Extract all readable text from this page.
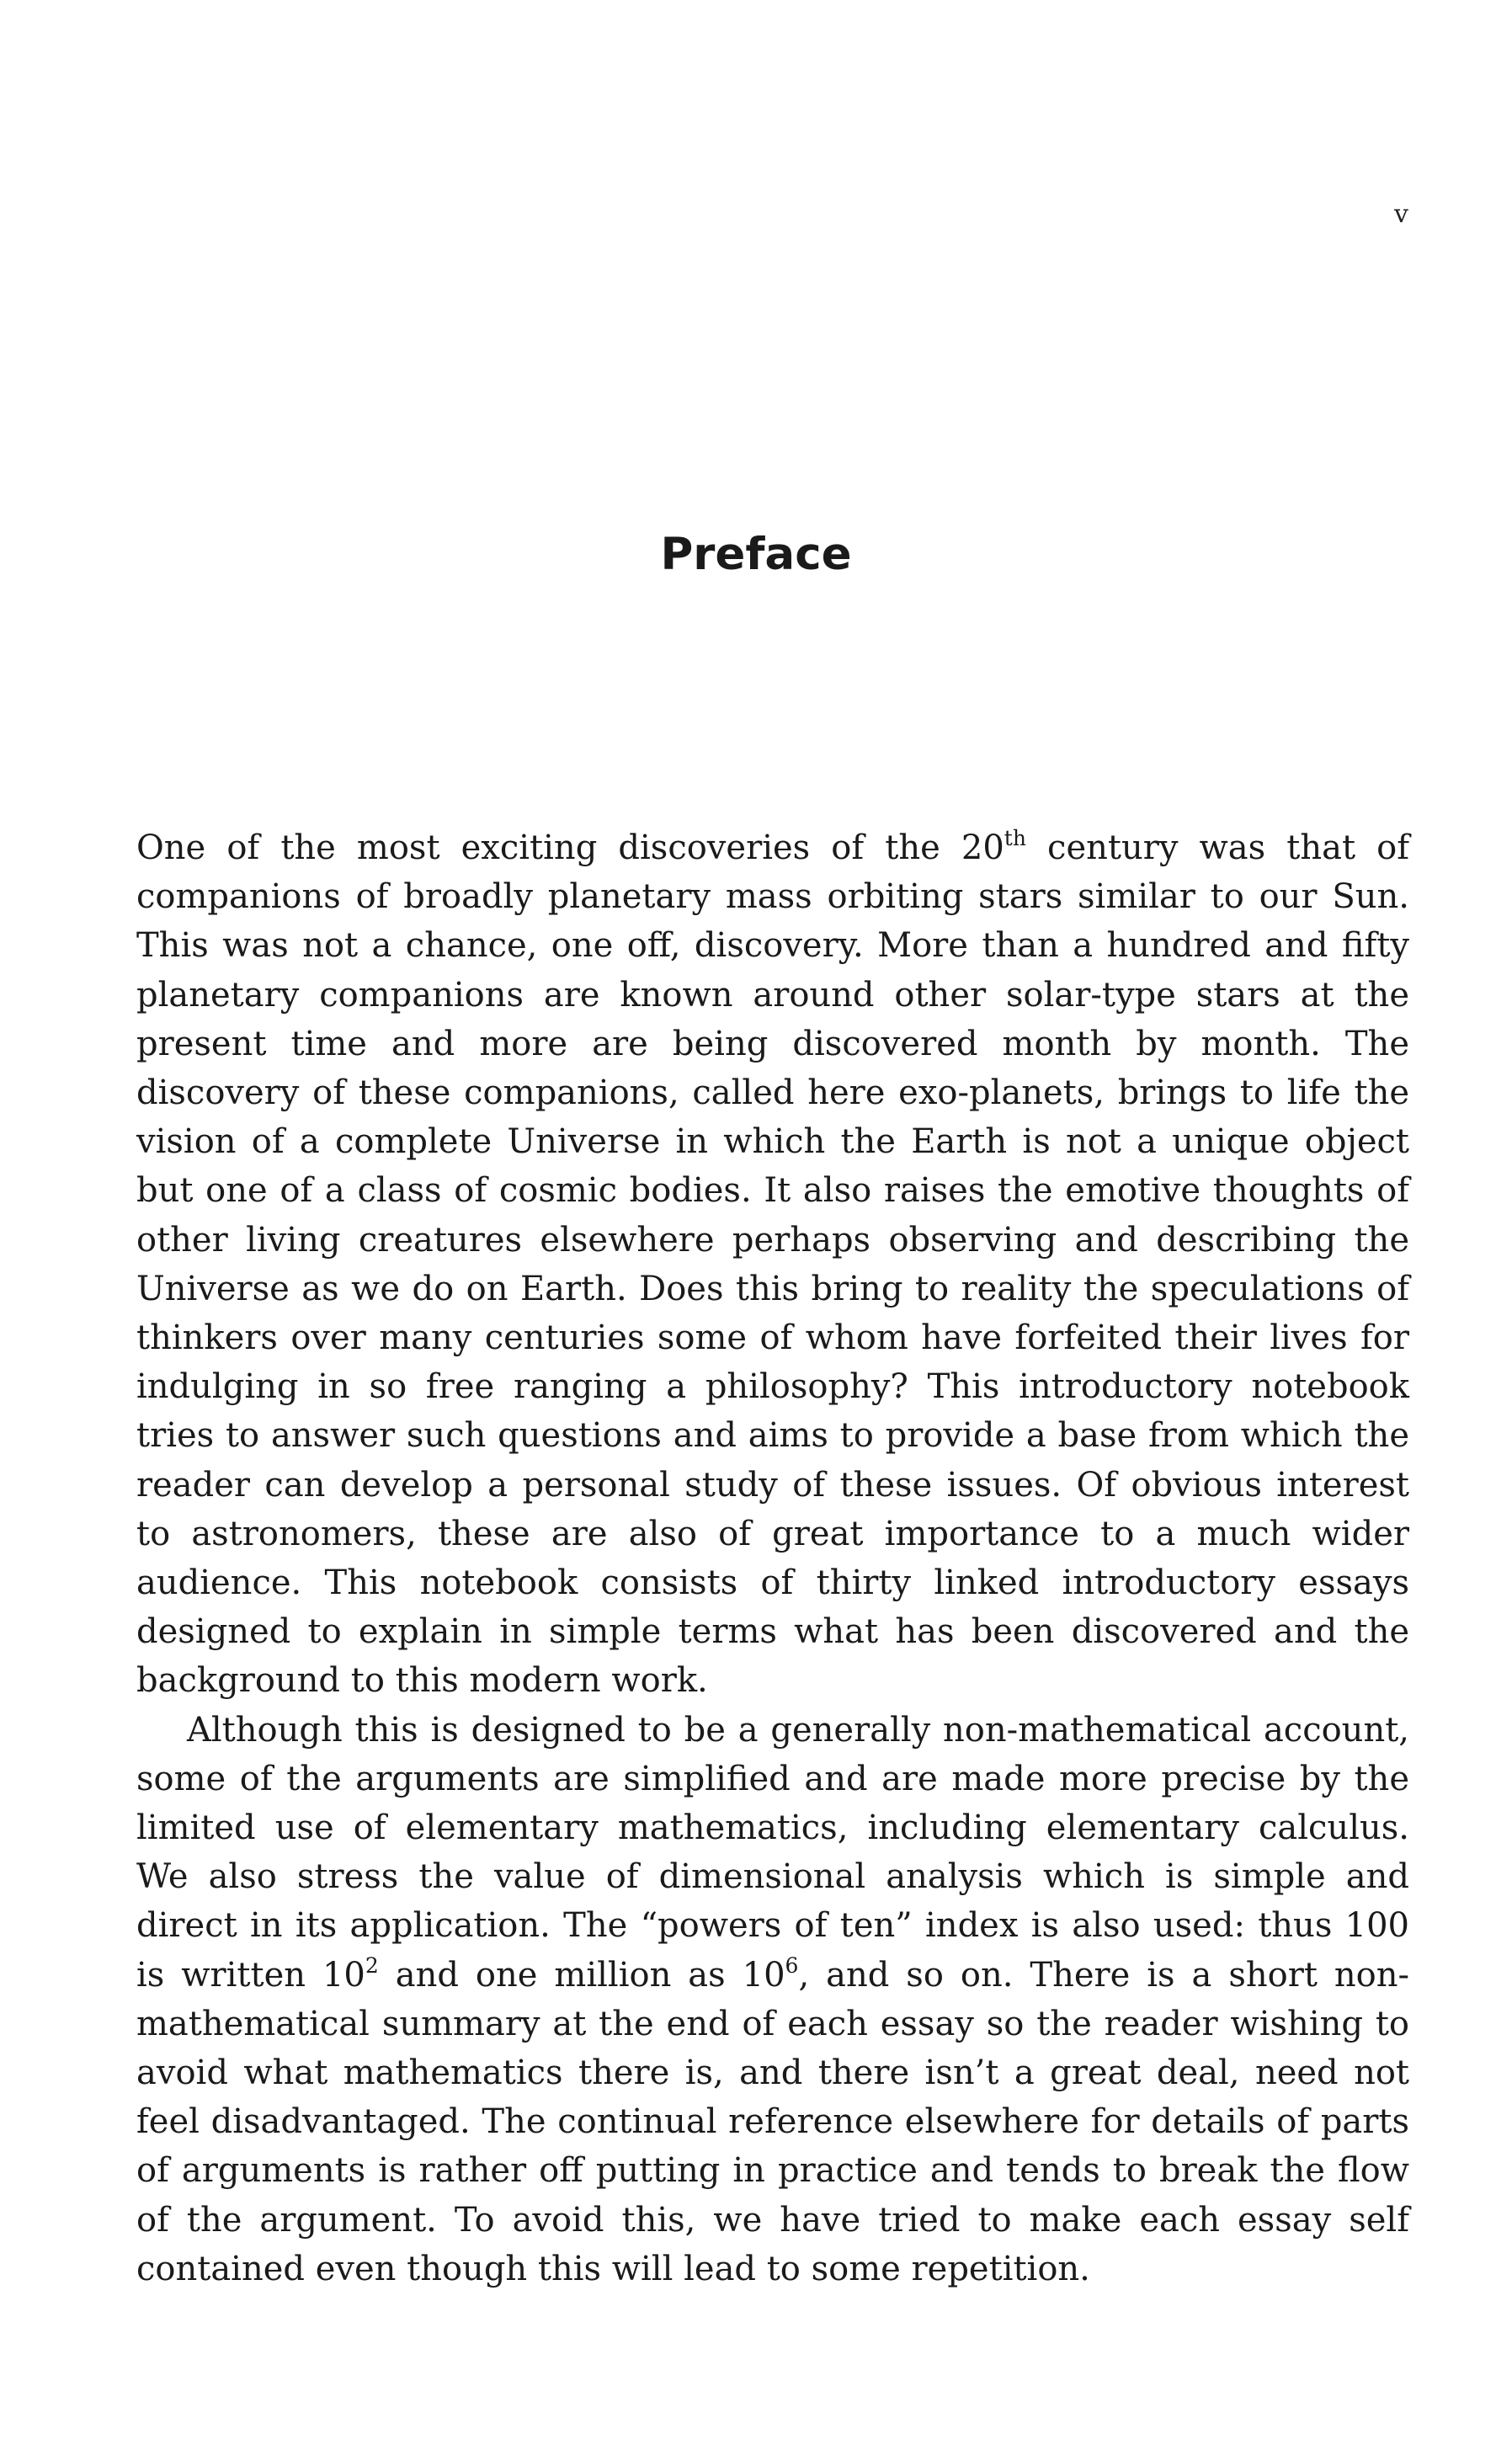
v
Preface

One of the most exciting discoveries of the 20th century was that of companions of broadly planetary mass orbiting stars similar to our Sun. This was not a chance, one off, discovery. More than a hundred and fifty planetary companions are known around other solar-type stars at the present time and more are being discovered month by month. The discovery of these companions, called here exo-planets, brings to life the vision of a complete Universe in which the Earth is not a unique object but one of a class of cosmic bodies. It also raises the emotive thoughts of other living creatures elsewhere perhaps observing and describing the Universe as we do on Earth. Does this bring to reality the speculations of thinkers over many centuries some of whom have forfeited their lives for indulging in so free ranging a philosophy? This introductory notebook tries to answer such questions and aims to provide a base from which the reader can develop a personal study of these issues. Of obvious interest to astronomers, these are also of great importance to a much wider audience. This notebook consists of thirty linked introductory essays designed to explain in simple terms what has been discovered and the background to this modern work.

Although this is designed to be a generally non-mathematical account, some of the arguments are simplified and are made more precise by the limited use of elementary mathematics, including elementary calculus. We also stress the value of dimensional analysis which is simple and direct in its application. The “powers of ten” index is also used: thus 100 is written $10^2$ and one million as $10^6$, and so on. There is a short non-mathematical summary at the end of each essay so the reader wishing to avoid what mathematics there is, and there isn’t a great deal, need not feel disadvantaged. The continual reference elsewhere for details of parts of arguments is rather off putting in practice and tends to break the flow of the argument. To avoid this, we have tried to make each essay self contained even though this will lead to some repetition.
